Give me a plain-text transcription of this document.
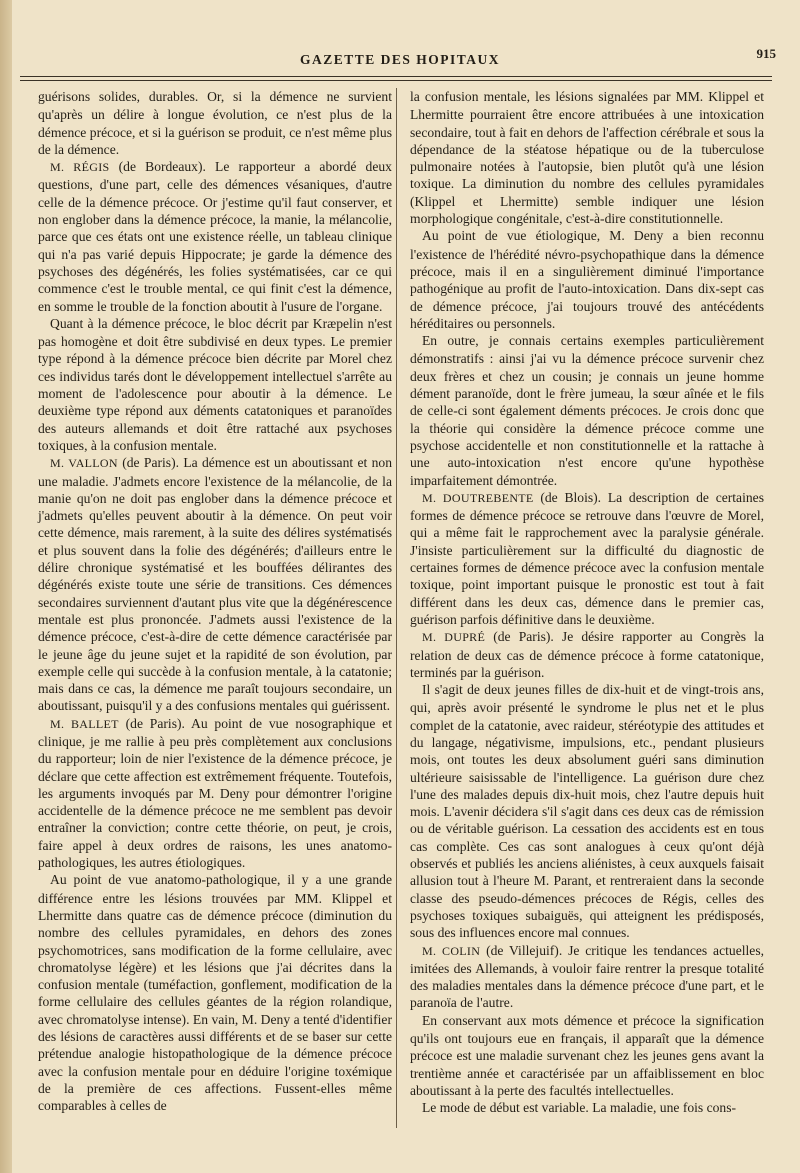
GAZETTE DES HOPITAUX	915

guérisons solides, durables. Or, si la démence ne survient qu'après un délire à longue évolution, ce n'est plus de la démence précoce, et si la guérison se produit, ce n'est même plus de la démence.

M. RÉGIS (de Bordeaux). Le rapporteur a abordé deux questions, d'une part, celle des démences vésaniques, d'autre celle de la démence précoce. Or j'estime qu'il faut conserver, et non englober dans la démence précoce, la manie, la mélancolie, parce que ces états ont une existence réelle, un tableau clinique qui n'a pas varié depuis Hippocrate; je garde la démence des psychoses des dégénérés, les folies systématisées, car ce qui commence c'est le trouble mental, ce qui finit c'est la démence, en somme le trouble de la fonction aboutit à l'usure de l'organe.

Quant à la démence précoce, le bloc décrit par Kræpelin n'est pas homogène et doit être subdivisé en deux types. Le premier type répond à la démence précoce bien décrite par Morel chez ces individus tarés dont le développement intellectuel s'arrête au moment de l'adolescence pour aboutir à la démence. Le deuxième type répond aux déments catatoniques et paranoïdes des auteurs allemands et doit être rattaché aux psychoses toxiques, à la confusion mentale.

M. VALLON (de Paris). La démence est un aboutissant et non une maladie. J'admets encore l'existence de la mélancolie, de la manie qu'on ne doit pas englober dans la démence précoce et j'admets qu'elles peuvent aboutir à la démence. On peut voir cette démence, mais rarement, à la suite des délires systématisés et plus souvent dans la folie des dégénérés; d'ailleurs entre le délire chronique systématisé et les bouffées délirantes des dégénérés existe toute une série de transitions. Ces démences secondaires surviennent d'autant plus vite que la dégénérescence mentale est plus prononcée. J'admets aussi l'existence de la démence précoce, c'est-à-dire de cette démence caractérisée par le jeune âge du jeune sujet et la rapidité de son évolution, par exemple celle qui succède à la confusion mentale, à la catatonie; mais dans ce cas, la démence me paraît toujours secondaire, un aboutissant, puisqu'il y a des confusions mentales qui guérissent.

M. BALLET (de Paris). Au point de vue nosographique et clinique, je me rallie à peu près complètement aux conclusions du rapporteur; loin de nier l'existence de la démence précoce, je déclare que cette affection est extrêmement fréquente. Toutefois, les arguments invoqués par M. Deny pour démontrer l'origine accidentelle de la démence précoce ne me semblent pas devoir entraîner la conviction; contre cette théorie, on peut, je crois, faire appel à deux ordres de raisons, les unes anatomo-pathologiques, les autres étiologiques.

Au point de vue anatomo-pathologique, il y a une grande différence entre les lésions trouvées par MM. Klippel et Lhermitte dans quatre cas de démence précoce (diminution du nombre des cellules pyramidales, en dehors des zones psychomotrices, sans modification de la forme cellulaire, avec chromatolyse légère) et les lésions que j'ai décrites dans la confusion mentale (tuméfaction, gonflement, modification de la forme cellulaire des cellules géantes de la région rolandique, avec chromatolyse intense). En vain, M. Deny a tenté d'identifier des lésions de caractères aussi différents et de se baser sur cette prétendue analogie histopathologique de la démence précoce avec la confusion mentale pour en déduire l'origine toxémique de la première de ces affections. Fussent-elles même comparables à celles de

la confusion mentale, les lésions signalées par MM. Klippel et Lhermitte pourraient être encore attribuées à une intoxication secondaire, tout à fait en dehors de l'affection cérébrale et sous la dépendance de la stéatose hépatique ou de la tuberculose pulmonaire notées à l'autopsie, bien plutôt qu'à une lésion toxique. La diminution du nombre des cellules pyramidales (Klippel et Lhermitte) semble indiquer une lésion morphologique congénitale, c'est-à-dire constitutionnelle.

Au point de vue étiologique, M. Deny a bien reconnu l'existence de l'hérédité névro-psychopathique dans la démence précoce, mais il en a singulièrement diminué l'importance pathogénique au profit de l'auto-intoxication. Dans dix-sept cas de démence précoce, j'ai toujours trouvé des antécédents héréditaires ou personnels.

En outre, je connais certains exemples particulièrement démonstratifs : ainsi j'ai vu la démence précoce survenir chez deux frères et chez un cousin; je connais un jeune homme dément paranoïde, dont le frère jumeau, la sœur aînée et le fils de celle-ci sont également déments précoces. Je crois donc que la théorie qui considère la démence précoce comme une psychose accidentelle et non constitutionnelle et la rattache à une auto-intoxication n'est encore qu'une hypothèse imparfaitement démontrée.

M. DOUTREBENTE (de Blois). La description de certaines formes de démence précoce se retrouve dans l'œuvre de Morel, qui a même fait le rapprochement avec la paralysie générale. J'insiste particulièrement sur la difficulté du diagnostic de certaines formes de démence précoce avec la confusion mentale toxique, point important puisque le pronostic est tout à fait différent dans les deux cas, démence dans le premier cas, guérison parfois définitive dans le deuxième.

M. DUPRÉ (de Paris). Je désire rapporter au Congrès la relation de deux cas de démence précoce à forme catatonique, terminés par la guérison.

Il s'agit de deux jeunes filles de dix-huit et de vingt-trois ans, qui, après avoir présenté le syndrome le plus net et le plus complet de la catatonie, avec raideur, stéréotypie des attitudes et du langage, négativisme, impulsions, etc., pendant plusieurs mois, ont toutes les deux absolument guéri sans diminution ultérieure saisissable de l'intelligence. La guérison dure chez l'une des malades depuis dix-huit mois, chez l'autre depuis huit mois. L'avenir décidera s'il s'agit dans ces deux cas de rémission ou de véritable guérison. La cessation des accidents est en tous cas complète. Ces cas sont analogues à ceux qu'ont déjà observés et publiés les anciens aliénistes, à ceux auxquels faisait allusion tout à l'heure M. Parant, et rentreraient dans la seconde classe des pseudo-démences précoces de Régis, celles des psychoses toxiques subaiguës, qui atteignent les prédisposés, sous des influences encore mal connues.

M. COLIN (de Villejuif). Je critique les tendances actuelles, imitées des Allemands, à vouloir faire rentrer la presque totalité des maladies mentales dans la démence précoce d'une part, et le paranoïa de l'autre.

En conservant aux mots démence et précoce la signification qu'ils ont toujours eue en français, il apparaît que la démence précoce est une maladie survenant chez les jeunes gens avant la trentième année et caractérisée par un affaiblissement en bloc aboutissant à la perte des facultés intellectuelles.

Le mode de début est variable. La maladie, une fois cons-
